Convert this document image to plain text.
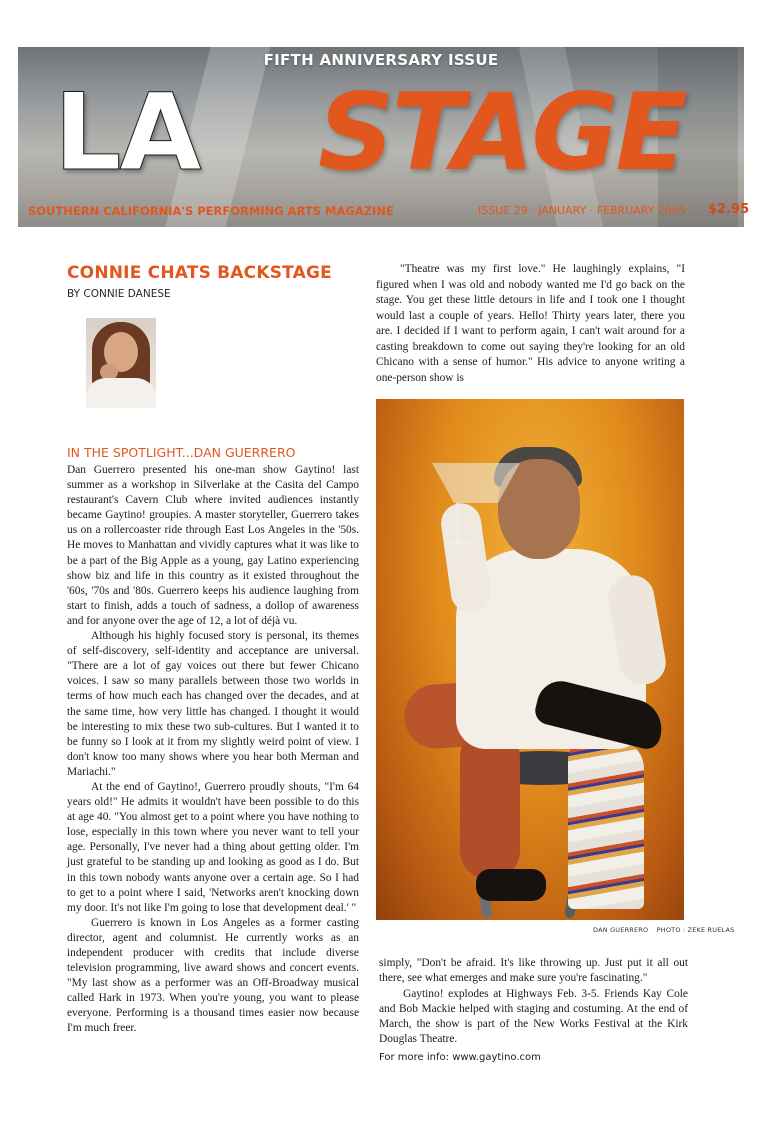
FIFTH ANNIVERSARY ISSUE
LA STAGE
SOUTHERN CALIFORNIA'S PERFORMING ARTS MAGAZINE	ISSUE 29 · JANUARY · FEBRUARY 2005 $2.95
CONNIE CHATS BACKSTAGE
BY CONNIE DANESE
IN THE SPOTLIGHT...DAN GUERRERO

Dan Guerrero presented his one-man show Gaytino! last summer as a workshop in Silverlake at the Casita del Campo restaurant's Cavern Club where invited audiences instantly became Gaytino! groupies. A master storyteller, Guerrero takes us on a rollercoaster ride through East Los Angeles in the '50s. He moves to Manhattan and vividly captures what it was like to be a part of the Big Apple as a young, gay Latino experiencing show biz and life in this country as it existed throughout the '60s, '70s and '80s. Guerrero keeps his audience laughing from start to finish, adds a touch of sadness, a dollop of awareness and for anyone over the age of 12, a lot of déjà vu.

Although his highly focused story is personal, its themes of self-discovery, self-identity and acceptance are universal. "There are a lot of gay voices out there but fewer Chicano voices. I saw so many parallels between those two worlds in terms of how much each has changed over the decades, and at the same time, how very little has changed. I thought it would be interesting to mix these two sub-cultures. But I wanted it to be funny so I look at it from my slightly weird point of view. I don't know too many shows where you hear both Merman and Mariachi."

At the end of Gaytino!, Guerrero proudly shouts, "I'm 64 years old!" He admits it wouldn't have been possible to do this at age 40. "You almost get to a point where you have nothing to lose, especially in this town where you never want to tell your age. Personally, I've never had a thing about getting older. I'm just grateful to be standing up and looking as good as I do. But in this town nobody wants anyone over a certain age. So I had to get to a point where I said, 'Networks aren't knocking down my door. It's not like I'm going to lose that development deal.' "

Guerrero is known in Los Angeles as a former casting director, agent and columnist. He currently works as an independent producer with credits that include diverse television programming, live award shows and concert events. "My last show as a performer was an Off-Broadway musical called Hark in 1973. When you're young, you want to please everyone. Performing is a thousand times easier now because I'm much freer.

"Theatre was my first love." He laughingly explains, "I figured when I was old and nobody wanted me I'd go back on the stage. You get these little detours in life and I took one I thought would last a couple of years. Hello! Thirty years later, there you are. I decided if I want to perform again, I can't wait around for a casting breakdown to come out saying they're looking for an old Chicano with a sense of humor." His advice to anyone writing a one-person show is

DAN GUERRERO PHOTO : ZEKE RUELAS

simply, "Don't be afraid. It's like throwing up. Just put it all out there, see what emerges and make sure you're fascinating."

Gaytino! explodes at Highways Feb. 3-5. Friends Kay Cole and Bob Mackie helped with staging and costuming. At the end of March, the show is part of the New Works Festival at the Kirk Douglas Theatre.

For more info: www.gaytino.com
